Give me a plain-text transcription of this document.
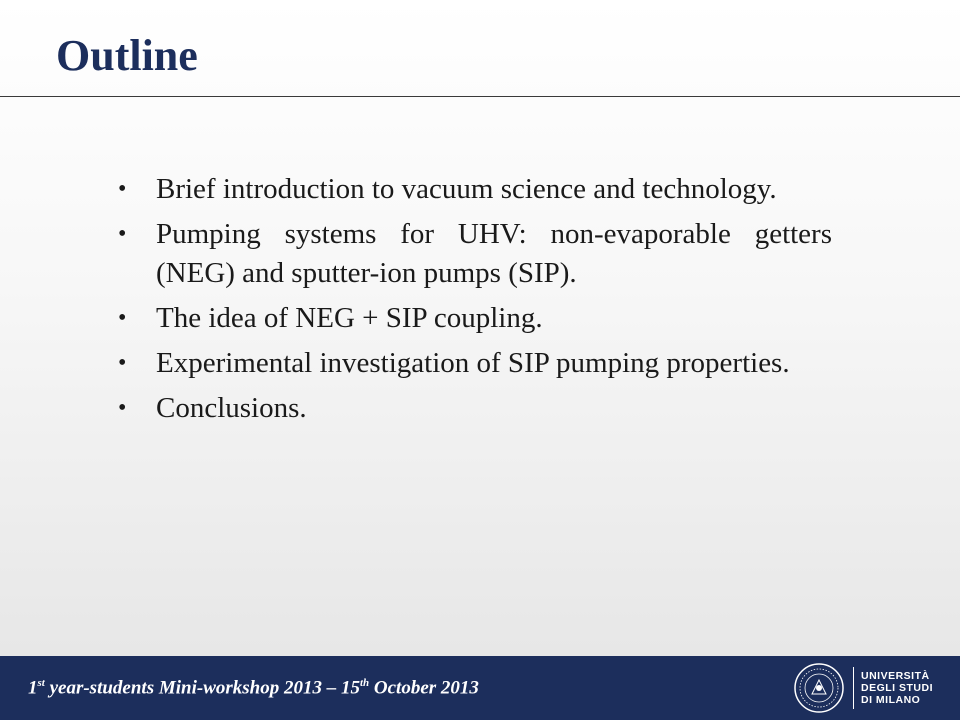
Outline

• Brief introduction to vacuum science and technology.

• Pumping systems for UHV: non-evaporable getters (NEG) and sputter-ion pumps (SIP).

• The idea of NEG + SIP coupling.

• Experimental investigation of SIP pumping properties.

• Conclusions.

1st year-students Mini-workshop 2013 – 15th October 2013
UNIVERSITÀ
DEGLI STUDI
DI MILANO
